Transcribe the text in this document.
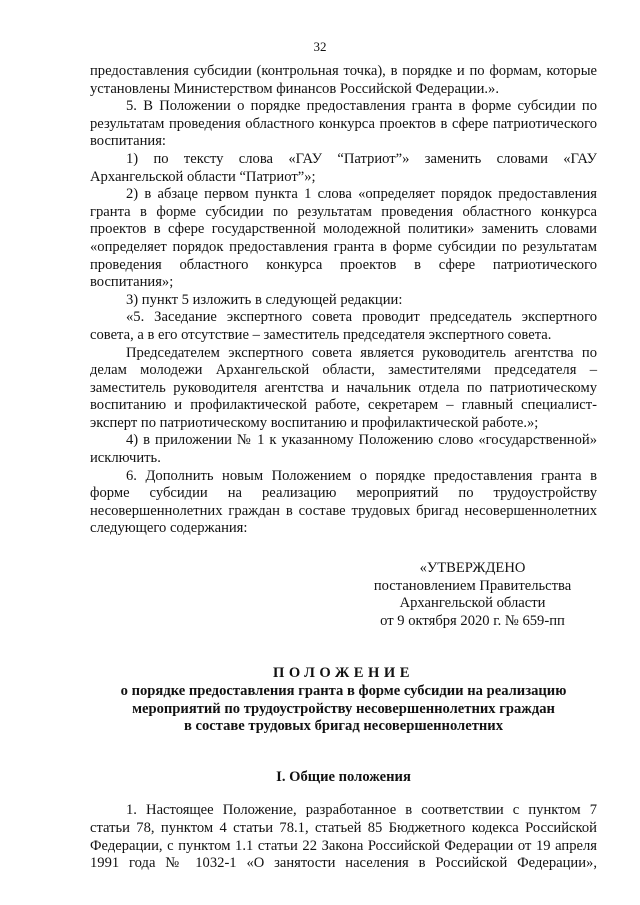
32

предоставления субсидии (контрольная точка), в порядке и по формам, которые установлены Министерством финансов Российской Федерации.».

5. В Положении о порядке предоставления гранта в форме субсидии по результатам проведения областного конкурса проектов в сфере патриотического воспитания:

1) по тексту слова «ГАУ “Патриот”» заменить словами «ГАУ Архангельской области “Патриот”»;

2) в абзаце первом пункта 1 слова «определяет порядок предоставления гранта в форме субсидии по результатам проведения областного конкурса проектов в сфере государственной молодежной политики» заменить словами «определяет порядок предоставления гранта в форме субсидии по результатам проведения областного конкурса проектов в сфере патриотического воспитания»;

3) пункт 5 изложить в следующей редакции:

«5. Заседание экспертного совета проводит председатель экспертного совета, а в его отсутствие – заместитель председателя экспертного совета.

Председателем экспертного совета является руководитель агентства по делам молодежи Архангельской области, заместителями председателя – заместитель руководителя агентства и начальник отдела по патриотическому воспитанию и профилактической работе, секретарем – главный специалист-эксперт по патриотическому воспитанию и профилактической работе.»;

4) в приложении № 1 к указанному Положению слово «государственной» исключить.

6. Дополнить новым Положением о порядке предоставления гранта в форме субсидии на реализацию мероприятий по трудоустройству несовершеннолетних граждан в составе трудовых бригад несовершеннолетних следующего содержания:

«УТВЕРЖДЕНО
постановлением Правительства
Архангельской области
от 9 октября 2020 г. № 659-пп
ПОЛОЖЕНИЕ
о порядке предоставления гранта в форме субсидии на реализацию
мероприятий по трудоустройству несовершеннолетних граждан
в составе трудовых бригад несовершеннолетних
I. Общие положения

1. Настоящее Положение, разработанное в соответствии с пунктом 7 статьи 78, пунктом 4 статьи 78.1, статьей 85 Бюджетного кодекса Российской Федерации, с пунктом 1.1 статьи 22 Закона Российской Федерации от 19 апреля 1991 года № 1032-1 «О занятости населения в Российской Федерации»,
